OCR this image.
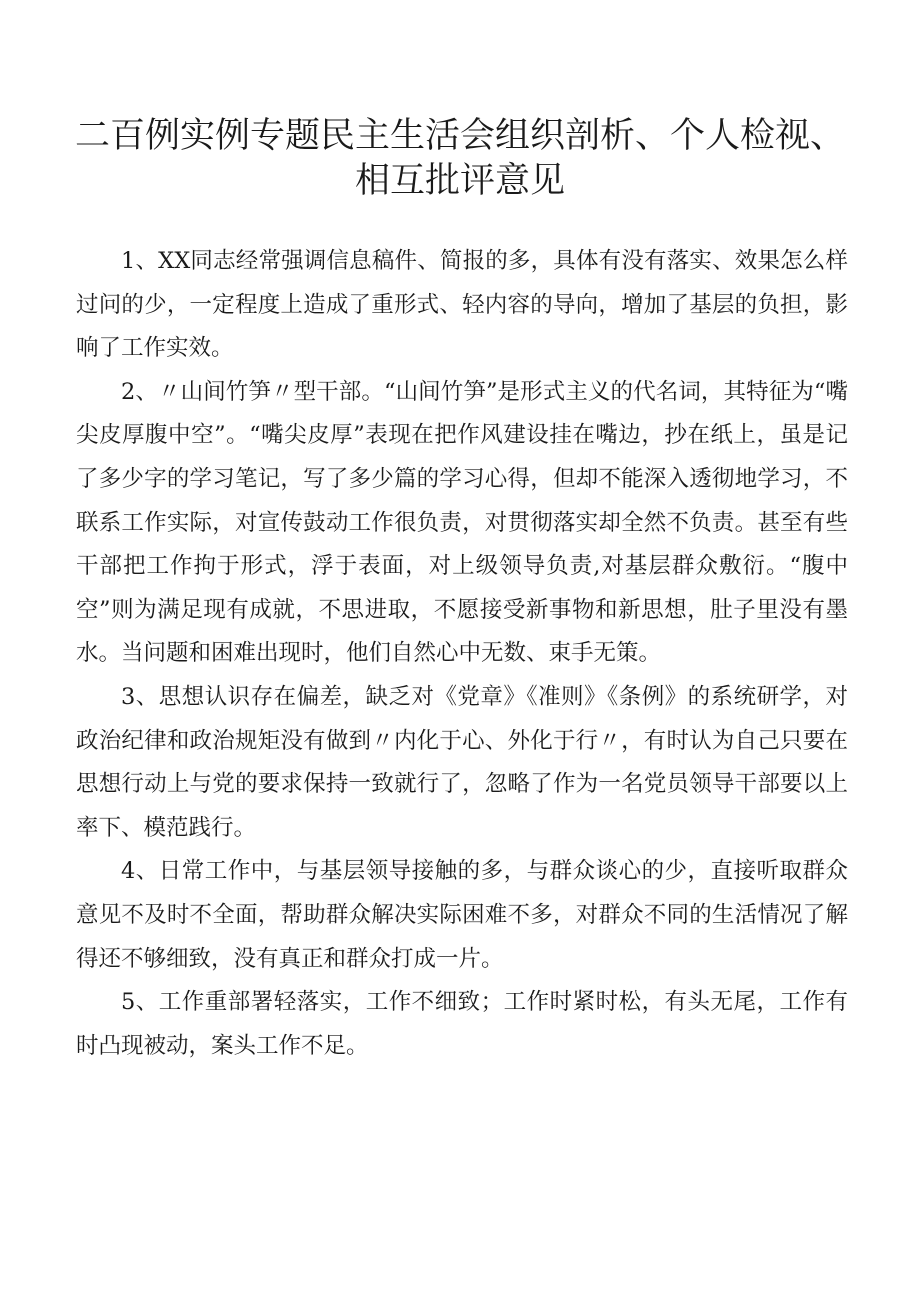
二百例实例专题民主生活会组织剖析、个人检视、相互批评意见

1、XX同志经常强调信息稿件、简报的多，具体有没有落实、效果怎么样过问的少，一定程度上造成了重形式、轻内容的导向，增加了基层的负担，影响了工作实效。

2、〃山间竹笋〃型干部。“山间竹笋”是形式主义的代名词，其特征为“嘴尖皮厚腹中空”。“嘴尖皮厚”表现在把作风建设挂在嘴边，抄在纸上，虽是记了多少字的学习笔记，写了多少篇的学习心得，但却不能深入透彻地学习，不联系工作实际，对宣传鼓动工作很负责，对贯彻落实却全然不负责。甚至有些干部把工作拘于形式，浮于表面，对上级领导负责,对基层群众敷衍。“腹中空”则为满足现有成就，不思进取，不愿接受新事物和新思想，肚子里没有墨水。当问题和困难出现时，他们自然心中无数、束手无策。

3、思想认识存在偏差，缺乏对《党章》《准则》《条例》的系统研学，对政治纪律和政治规矩没有做到〃内化于心、外化于行〃，有时认为自己只要在思想行动上与党的要求保持一致就行了，忽略了作为一名党员领导干部要以上率下、模范践行。

4、日常工作中，与基层领导接触的多，与群众谈心的少，直接听取群众意见不及时不全面，帮助群众解决实际困难不多，对群众不同的生活情况了解得还不够细致，没有真正和群众打成一片。

5、工作重部署轻落实，工作不细致；工作时紧时松，有头无尾，工作有时凸现被动，案头工作不足。
